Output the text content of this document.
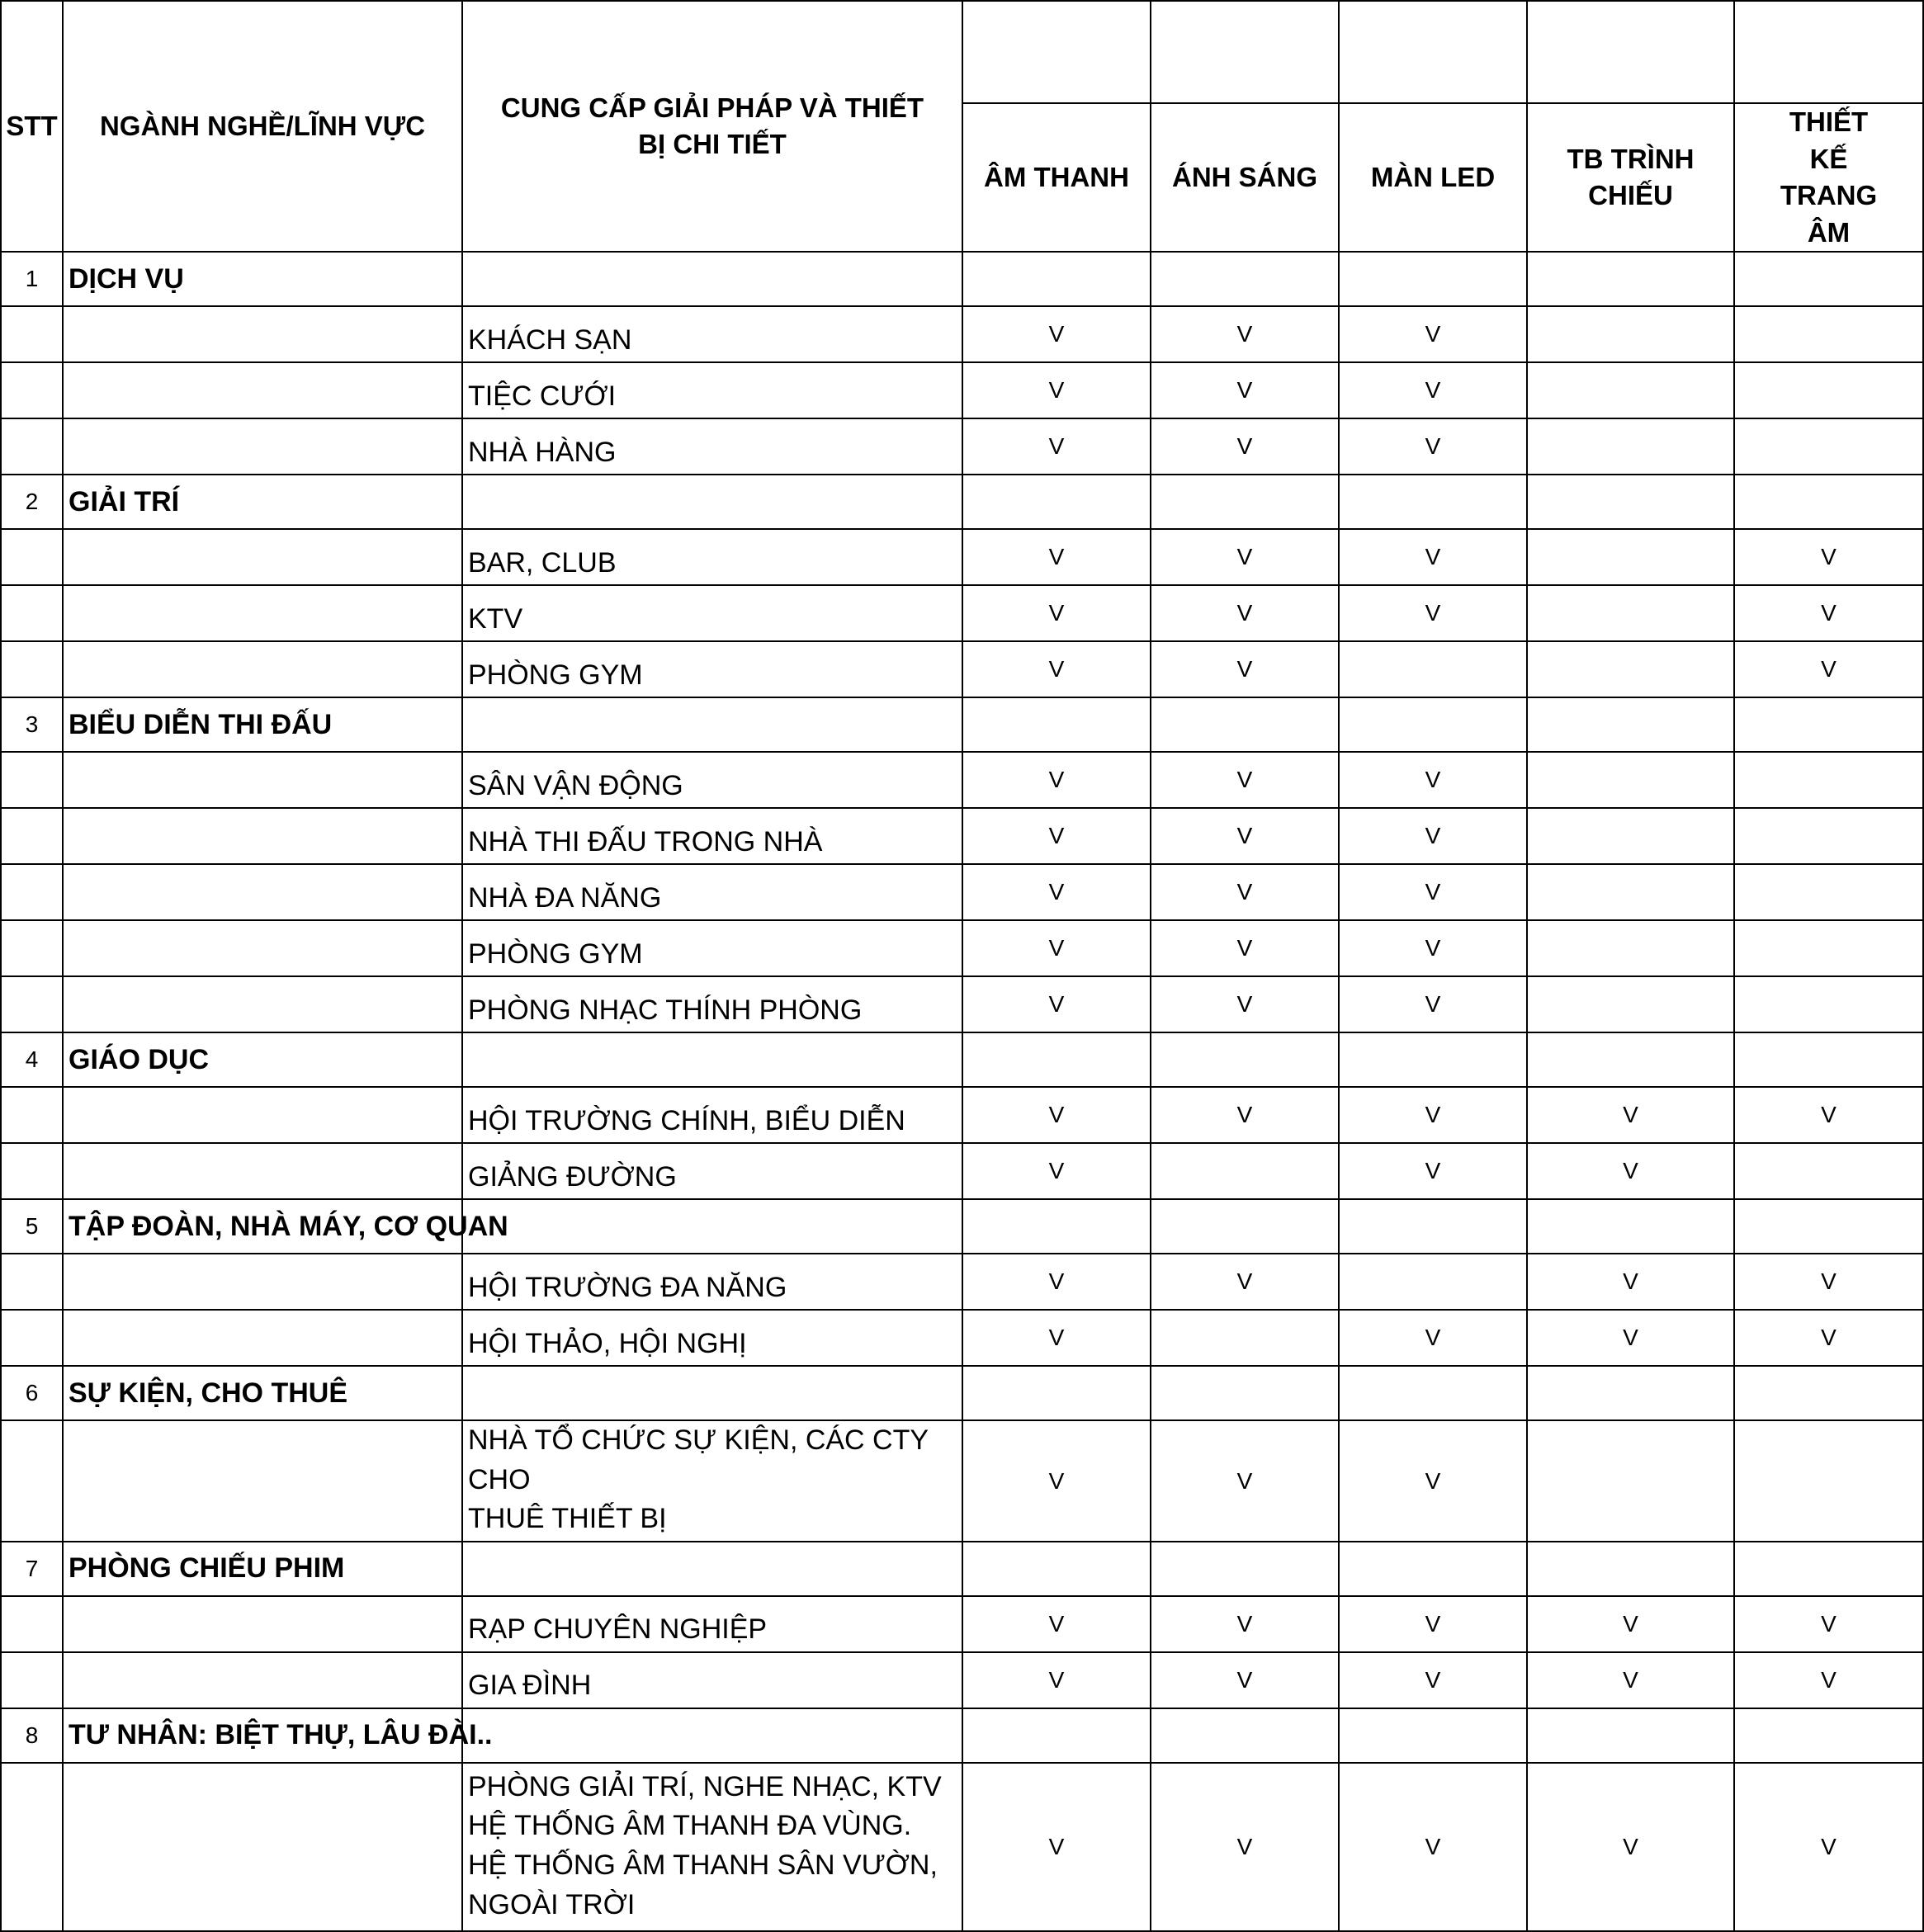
STT	NGÀNH NGHỀ/LĨNH VỰC	CUNG CẤP GIẢI PHÁP VÀ THIẾT BỊ CHI TIẾT					
			ÂM THANH	ÁNH SÁNG	MÀN LED	TB TRÌNH CHIẾU	THIẾT KẾ TRANG ÂM
1	DỊCH VỤ						

		KHÁCH SẠN	V	V	V		

		TIỆC CƯỚI	V	V	V		

		NHÀ HÀNG	V	V	V		
2	GIẢI TRÍ						

		BAR, CLUB	V	V	V		V

		KTV	V	V	V		V

		PHÒNG GYM	V	V			V
3	BIỂU DIỄN THI ĐẤU						

		SÂN VẬN ĐỘNG	V	V	V		

		NHÀ THI ĐẤU TRONG NHÀ	V	V	V		

		NHÀ ĐA NĂNG	V	V	V		

		PHÒNG GYM	V	V	V		

		PHÒNG NHẠC THÍNH PHÒNG	V	V	V		
4	GIÁO DỤC						

		HỘI TRƯỜNG CHÍNH, BIỂU DIỄN	V	V	V	V	V

		GIẢNG ĐƯỜNG	V		V	V	
5	TẬP ĐOÀN, NHÀ MÁY, CƠ QUAN						

		HỘI TRƯỜNG ĐA NĂNG	V	V		V	V

		HỘI THẢO, HỘI NGHỊ	V		V	V	V
6	SỰ KIỆN, CHO THUÊ						

		NHÀ TỔ CHỨC SỰ KIỆN, CÁC CTY CHO
THUÊ THIẾT BỊ	V	V	V		
7	PHÒNG CHIẾU PHIM						

		RẠP CHUYÊN NGHIỆP	V	V	V	V	V

		GIA ĐÌNH	V	V	V	V	V
8	TƯ NHÂN: BIỆT THỰ, LÂU ĐÀI..						

		PHÒNG GIẢI TRÍ, NGHE NHẠC, KTV
HỆ THỐNG ÂM THANH ĐA VÙNG.
HỆ THỐNG ÂM THANH SÂN VƯỜN,
NGOÀI TRỜI	V	V	V	V	V
